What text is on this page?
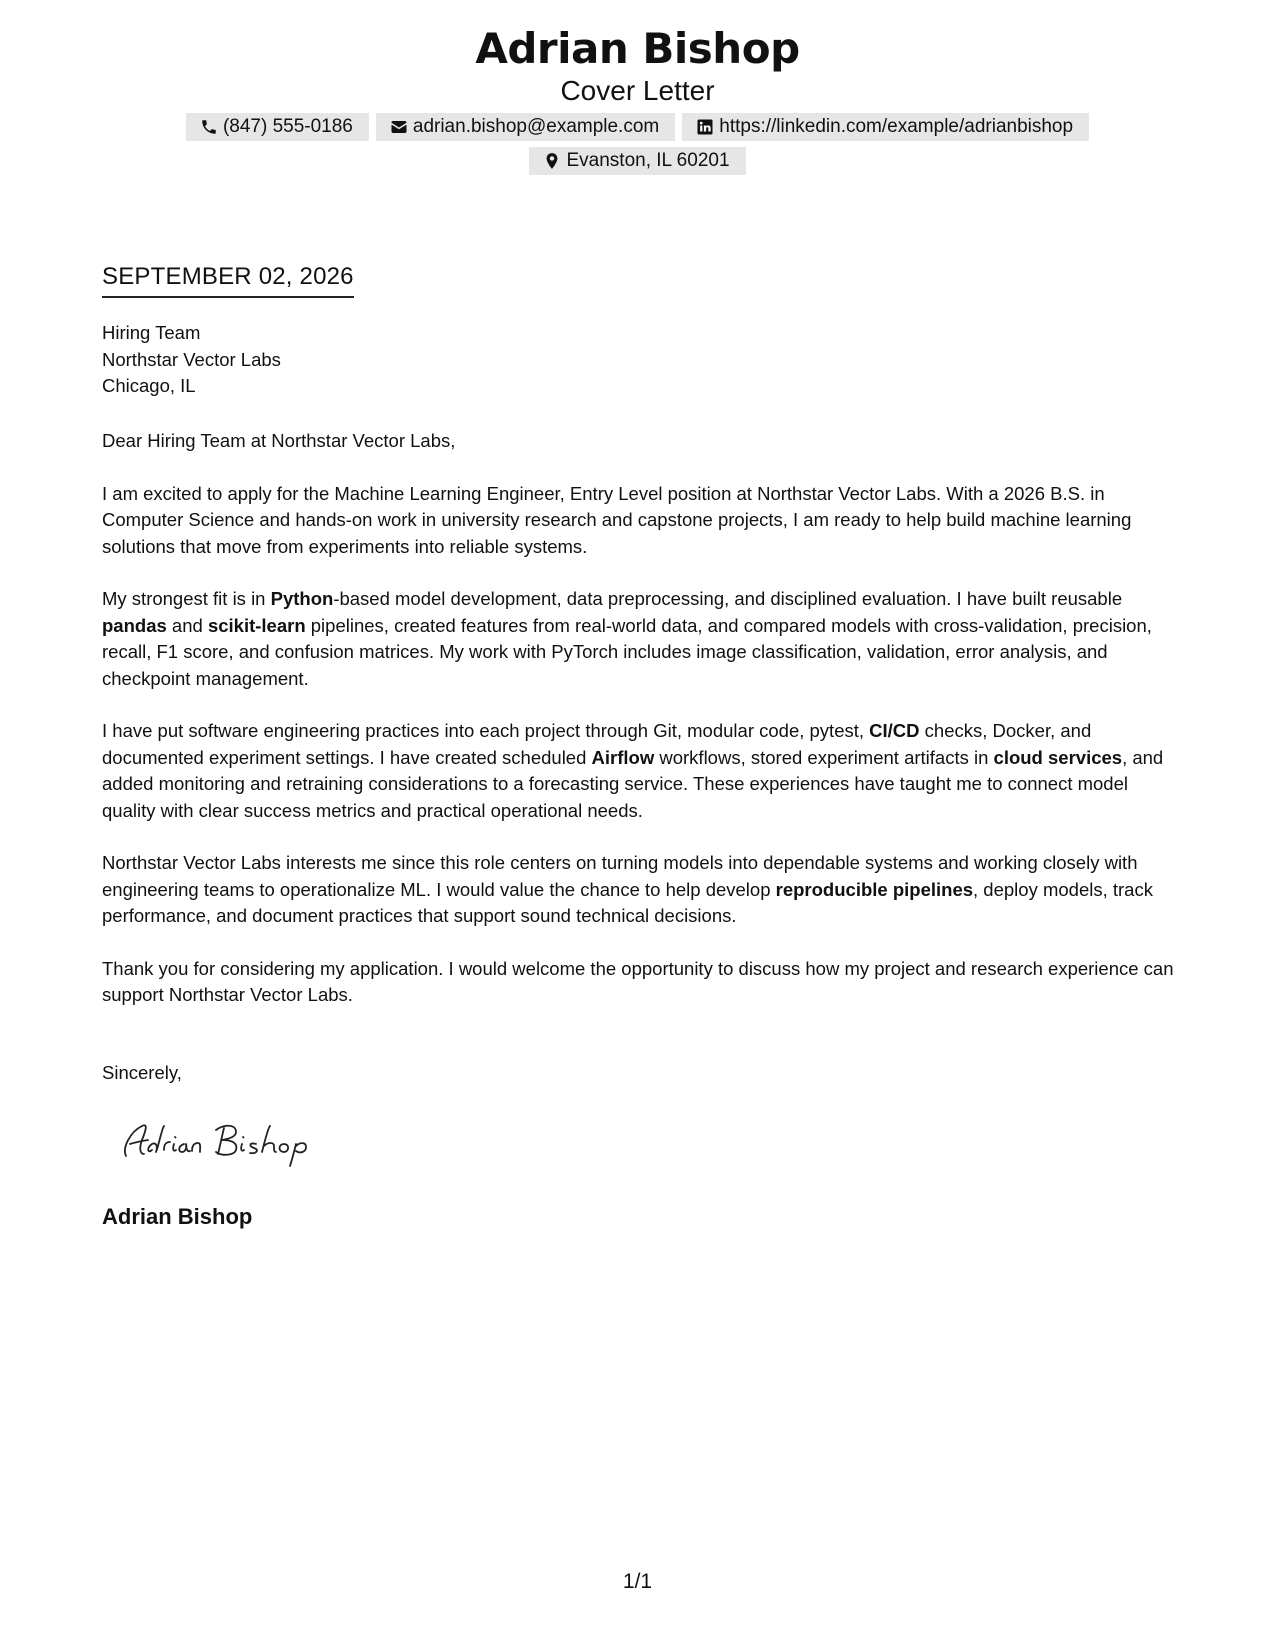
Adrian Bishop
Cover Letter
(847) 555-0186	adrian.bishop@example.com	https://linkedin.com/example/adrianbishop
Evanston, IL 60201
SEPTEMBER 02, 2026
Hiring Team
Northstar Vector Labs
Chicago, IL

Dear Hiring Team at Northstar Vector Labs,

I am excited to apply for the Machine Learning Engineer, Entry Level position at Northstar Vector Labs. With a 2026 B.S. in Computer Science and hands-on work in university research and capstone projects, I am ready to help build machine learning solutions that move from experiments into reliable systems.

My strongest fit is in Python-based model development, data preprocessing, and disciplined evaluation. I have built reusable pandas and scikit-learn pipelines, created features from real-world data, and compared models with cross-validation, precision, recall, F1 score, and confusion matrices. My work with PyTorch includes image classification, validation, error analysis, and checkpoint management.

I have put software engineering practices into each project through Git, modular code, pytest, CI/CD checks, Docker, and documented experiment settings. I have created scheduled Airflow workflows, stored experiment artifacts in cloud services, and added monitoring and retraining considerations to a forecasting service. These experiences have taught me to connect model quality with clear success metrics and practical operational needs.

Northstar Vector Labs interests me since this role centers on turning models into dependable systems and working closely with engineering teams to operationalize ML. I would value the chance to help develop reproducible pipelines, deploy models, track performance, and document practices that support sound technical decisions.

Thank you for considering my application. I would welcome the opportunity to discuss how my project and research experience can support Northstar Vector Labs.

Sincerely,
Adrian Bishop
1/1
